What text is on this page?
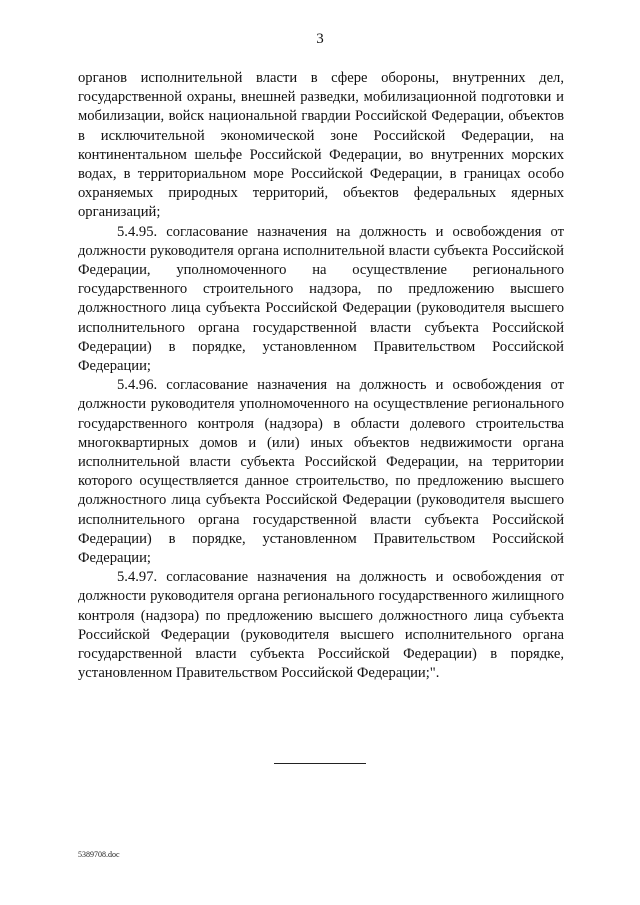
3

органов исполнительной власти в сфере обороны, внутренних дел, государственной охраны, внешней разведки, мобилизационной подготовки и мобилизации, войск национальной гвардии Российской Федерации, объектов в исключительной экономической зоне Российской Федерации, на континентальном шельфе Российской Федерации, во внутренних морских водах, в территориальном море Российской Федерации, в границах особо охраняемых природных территорий, объектов федеральных ядерных организаций;

5.4.95. согласование назначения на должность и освобождения от должности руководителя органа исполнительной власти субъекта Российской Федерации, уполномоченного на осуществление регионального государственного строительного надзора, по предложению высшего должностного лица субъекта Российской Федерации (руководителя высшего исполнительного органа государственной власти субъекта Российской Федерации) в порядке, установленном Правительством Российской Федерации;

5.4.96. согласование назначения на должность и освобождения от должности руководителя уполномоченного на осуществление регионального государственного контроля (надзора) в области долевого строительства многоквартирных домов и (или) иных объектов недвижимости органа исполнительной власти субъекта Российской Федерации, на территории которого осуществляется данное строительство, по предложению высшего должностного лица субъекта Российской Федерации (руководителя высшего исполнительного органа государственной власти субъекта Российской Федерации) в порядке, установленном Правительством Российской Федерации;

5.4.97. согласование назначения на должность и освобождения от должности руководителя органа регионального государственного жилищного контроля (надзора) по предложению высшего должностного лица субъекта Российской Федерации (руководителя высшего исполнительного органа государственной власти субъекта Российской Федерации) в порядке, установленном Правительством Российской Федерации;".

5389708.doc
